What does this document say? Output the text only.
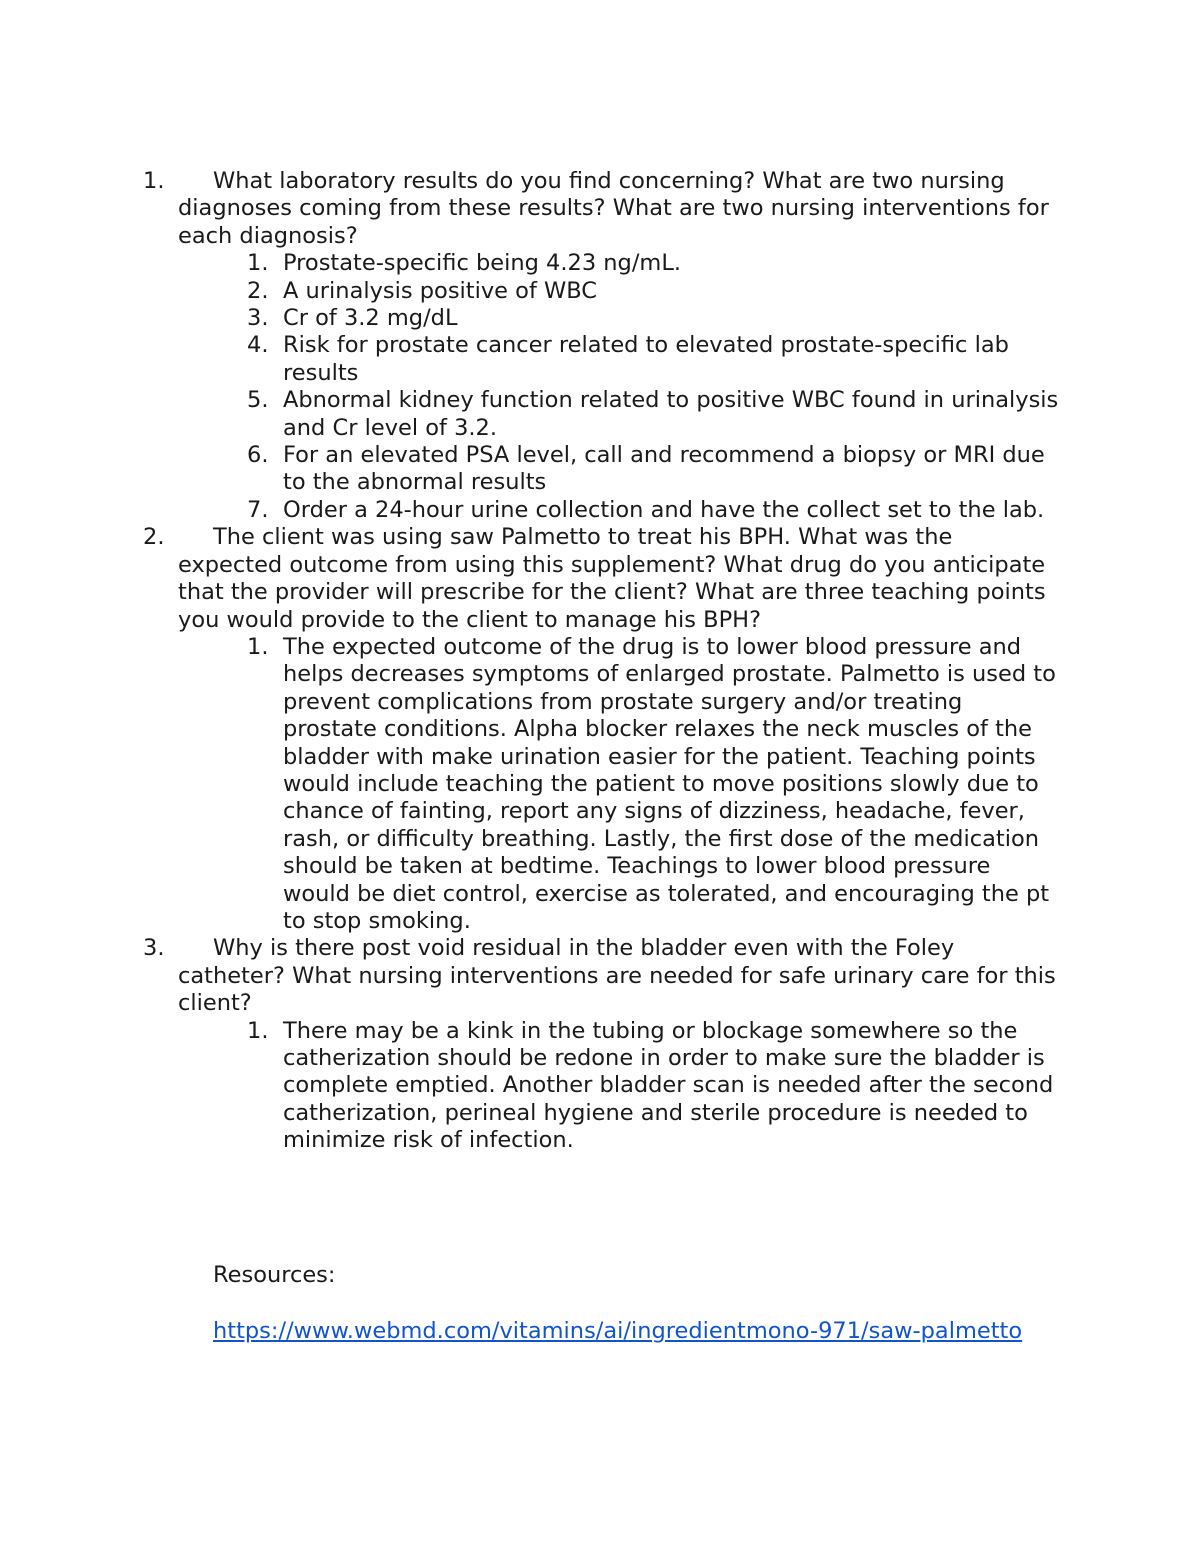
1.	What laboratory results do you find concerning? What are two nursing diagnoses coming from these results? What are two nursing interventions for each diagnosis?
1. Prostate-specific being 4.23 ng/mL.
2. A urinalysis positive of WBC
3. Cr of 3.2 mg/dL
4. Risk for prostate cancer related to elevated prostate-specific lab results
5. Abnormal kidney function related to positive WBC found in urinalysis and Cr level of 3.2.
6. For an elevated PSA level, call and recommend a biopsy or MRI due to the abnormal results
7. Order a 24-hour urine collection and have the collect set to the lab.
2.	The client was using saw Palmetto to treat his BPH. What was the expected outcome from using this supplement? What drug do you anticipate that the provider will prescribe for the client? What are three teaching points you would provide to the client to manage his BPH?
1. The expected outcome of the drug is to lower blood pressure and helps decreases symptoms of enlarged prostate. Palmetto is used to prevent complications from prostate surgery and/or treating prostate conditions. Alpha blocker relaxes the neck muscles of the bladder with make urination easier for the patient. Teaching points would include teaching the patient to move positions slowly due to chance of fainting, report any signs of dizziness, headache, fever, rash, or difficulty breathing. Lastly, the first dose of the medication should be taken at bedtime. Teachings to lower blood pressure would be diet control, exercise as tolerated, and encouraging the pt to stop smoking.
3.	Why is there post void residual in the bladder even with the Foley catheter? What nursing interventions are needed for safe urinary care for this client?
1. There may be a kink in the tubing or blockage somewhere so the catherization should be redone in order to make sure the bladder is complete emptied. Another bladder scan is needed after the second catherization, perineal hygiene and sterile procedure is needed to minimize risk of infection.
Resources:
https://www.webmd.com/vitamins/ai/ingredientmono-971/saw-palmetto
